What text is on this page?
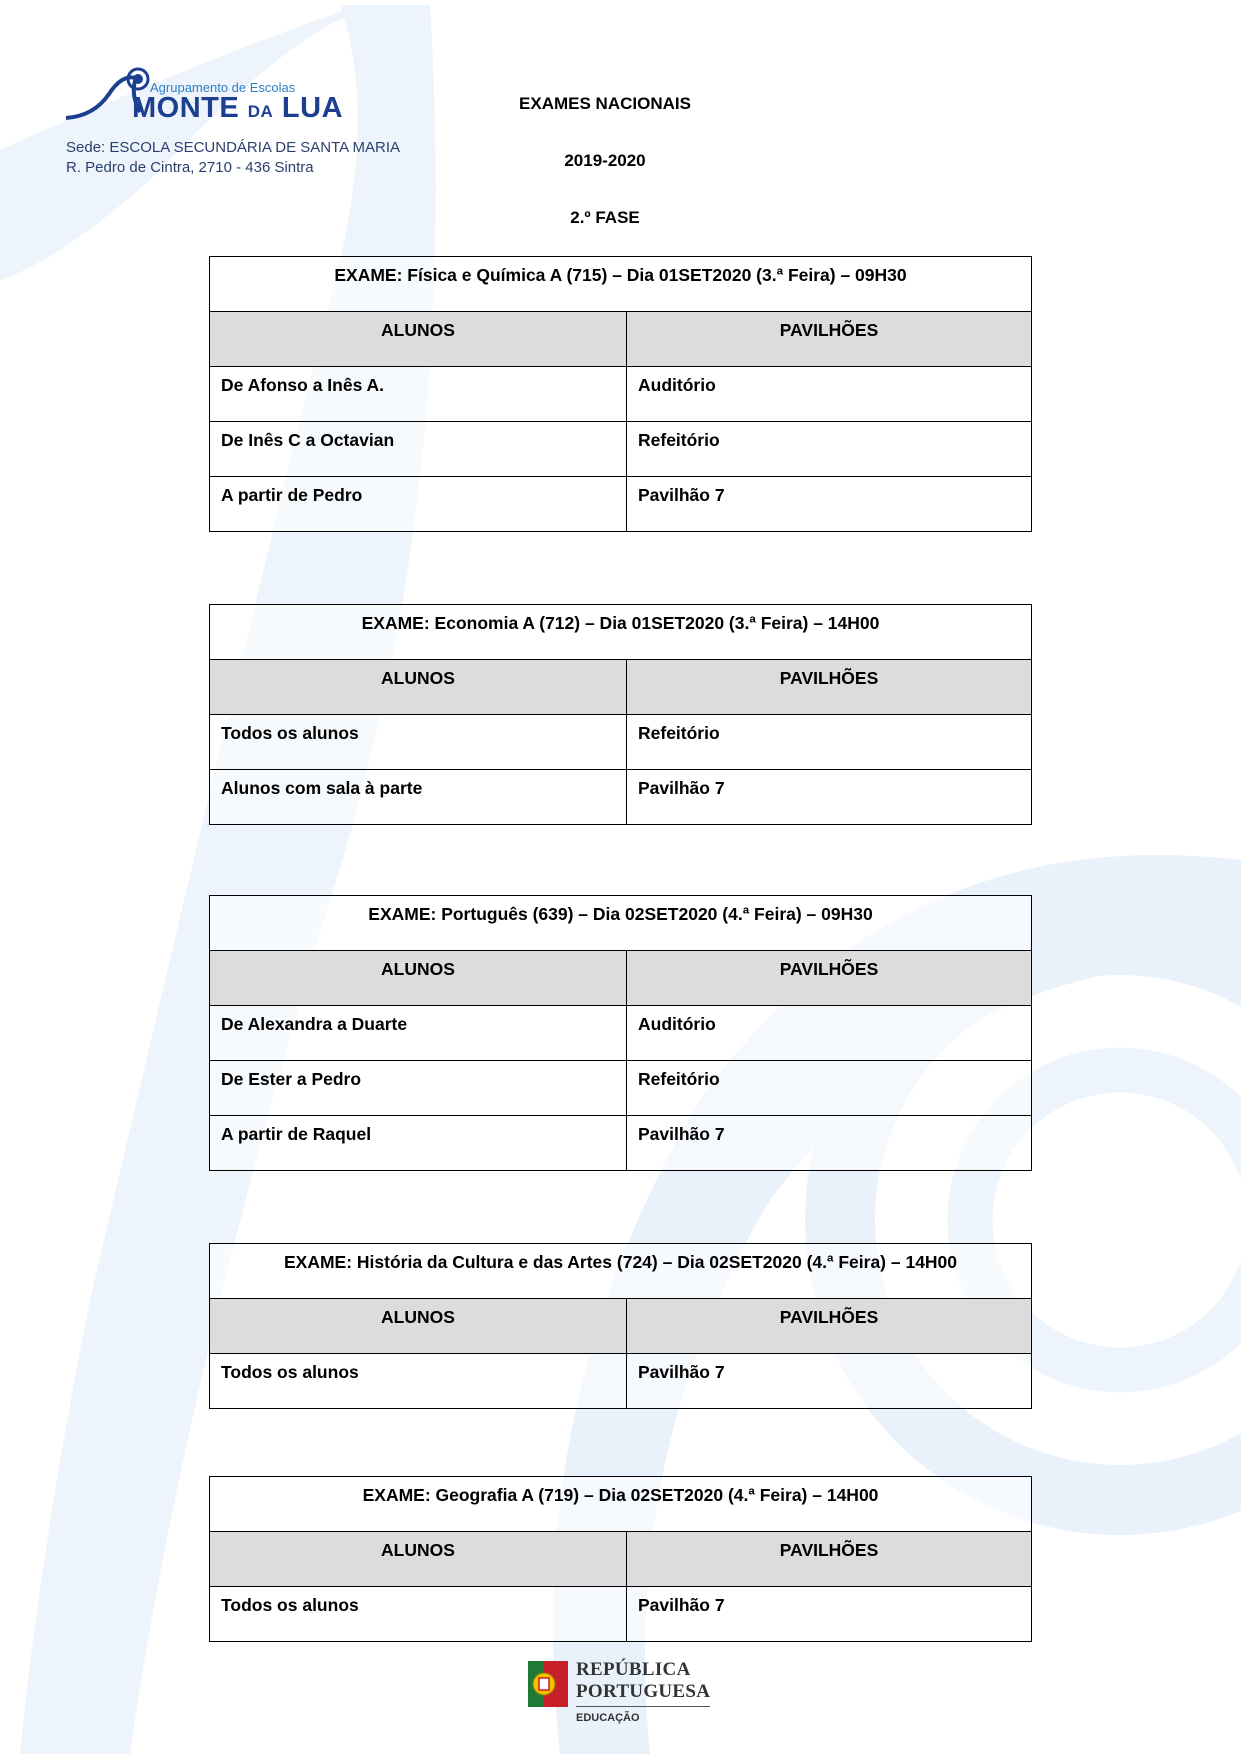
Agrupamento de Escolas
MONTE DA LUA
Sede: ESCOLA SECUNDÁRIA DE SANTA MARIA
R. Pedro de Cintra, 2710 - 436 Sintra
EXAMES NACIONAIS
2019-2020
2.º FASE
EXAME: Física e Química A (715) – Dia 01SET2020 (3.ª Feira) – 09H30	
ALUNOS	PAVILHÕES
De Afonso a Inês A.	Auditório
De Inês C a Octavian	Refeitório
A partir de Pedro	Pavilhão 7
EXAME: Economia A (712) – Dia 01SET2020 (3.ª Feira) – 14H00	
ALUNOS	PAVILHÕES
Todos os alunos	Refeitório
Alunos com sala à parte	Pavilhão 7
EXAME: Português (639) – Dia 02SET2020 (4.ª Feira) – 09H30	
ALUNOS	PAVILHÕES
De Alexandra a Duarte	Auditório
De Ester a Pedro	Refeitório
A partir de Raquel	Pavilhão 7
EXAME: História da Cultura e das Artes (724) – Dia 02SET2020 (4.ª Feira) – 14H00	
ALUNOS	PAVILHÕES
Todos os alunos	Pavilhão 7
EXAME: Geografia A (719) – Dia 02SET2020 (4.ª Feira) – 14H00	
ALUNOS	PAVILHÕES
Todos os alunos	Pavilhão 7
REPÚBLICA
PORTUGUESA
EDUCAÇÃO
